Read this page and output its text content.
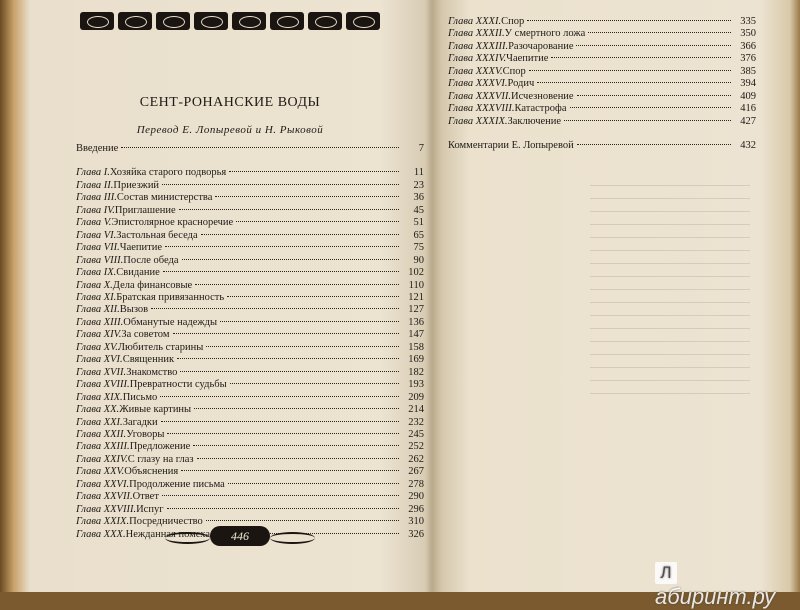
СЕНТ-РОНАНСКИЕ ВОДЫ
Перевод Е. Лопыревой и Н. Рыковой
Введение	7
Глава I. Хозяйка старого подворья	11
Глава II. Приезжий	23
Глава III. Состав министерства	36
Глава IV. Приглашение	45
Глава V. Эпистолярное красноречие	51
Глава VI. Застольная беседа	65
Глава VII. Чаепитие	75
Глава VIII. После обеда	90
Глава IX. Свидание	102
Глава X. Дела финансовые	110
Глава XI. Братская привязанность	121
Глава XII. Вызов	127
Глава XIII. Обманутые надежды	136
Глава XIV. За советом	147
Глава XV. Любитель старины	158
Глава XVI. Священник	169
Глава XVII. Знакомство	182
Глава XVIII. Превратности судьбы	193
Глава XIX. Письмо	209
Глава XX. Живые картины	214
Глава XXI. Загадки	232
Глава XXII. Уговоры	245
Глава XXIII. Предложение	252
Глава XXIV. С глазу на глаз	262
Глава XXV. Объяснения	267
Глава XXVI. Продолжение письма	278
Глава XXVII. Ответ	290
Глава XXVIII. Испуг	296
Глава XXIX. Посредничество	310
Глава XXX. Нежданная помеха	326
446
Глава XXXI. Спор	335
Глава XXXII. У смертного ложа	350
Глава XXXIII. Разочарование	366
Глава XXXIV. Чаепитие	376
Глава XXXV. Спор	385
Глава XXXVI. Родич	394
Глава XXXVII. Исчезновение	409
Глава XXXVIII. Катастрофа	416
Глава XXXIX. Заключение	427
Комментарии Е. Лопыревой	432
Лабиринт.ру
